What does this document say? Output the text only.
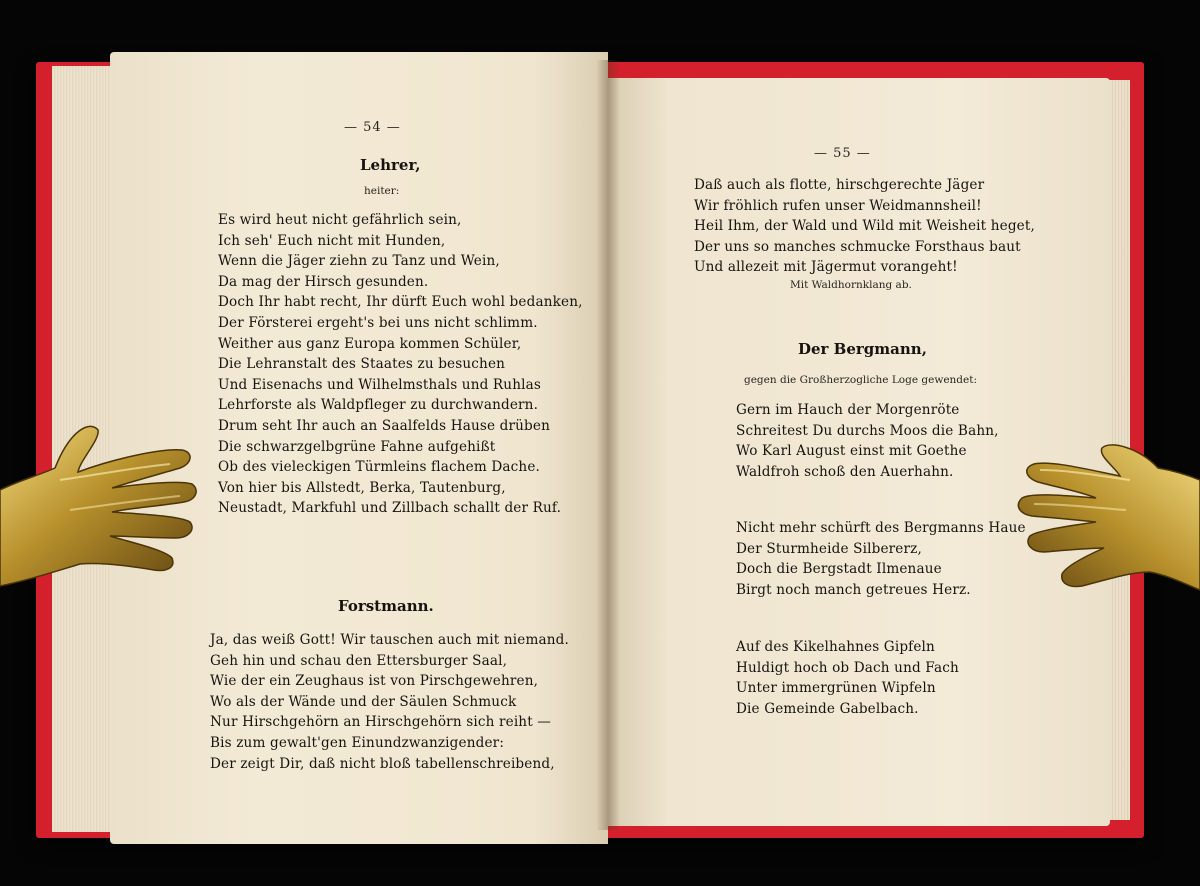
— 54 —
Lehrer,
heiter:
Es wird heut nicht gefährlich sein,
Ich seh' Euch nicht mit Hunden,
Wenn die Jäger ziehn zu Tanz und Wein,
Da mag der Hirsch gesunden.
Doch Ihr habt recht, Ihr dürft Euch wohl bedanken,
Der Försterei ergeht's bei uns nicht schlimm.
Weither aus ganz Europa kommen Schüler,
Die Lehranstalt des Staates zu besuchen
Und Eisenachs und Wilhelmsthals und Ruhlas
Lehrforste als Waldpfleger zu durchwandern.
Drum seht Ihr auch an Saalfelds Hause drüben
Die schwarzgelbgrüne Fahne aufgehißt
Ob des vieleckigen Türmleins flachem Dache.
Von hier bis Allstedt, Berka, Tautenburg,
Neustadt, Markfuhl und Zillbach schallt der Ruf.
Forstmann.
Ja, das weiß Gott! Wir tauschen auch mit niemand.
Geh hin und schau den Ettersburger Saal,
Wie der ein Zeughaus ist von Pirschgewehren,
Wo als der Wände und der Säulen Schmuck
Nur Hirschgehörn an Hirschgehörn sich reiht —
Bis zum gewalt'gen Einundzwanzigender:
Der zeigt Dir, daß nicht bloß tabellenschreibend,
— 55 —
Daß auch als flotte, hirschgerechte Jäger
Wir fröhlich rufen unser Weidmannsheil!
Heil Ihm, der Wald und Wild mit Weisheit heget,
Der uns so manches schmucke Forsthaus baut
Und allezeit mit Jägermut vorangeht!
Mit Waldhornklang ab.
Der Bergmann,
gegen die Großherzogliche Loge gewendet:
Gern im Hauch der Morgenröte
Schreitest Du durchs Moos die Bahn,
Wo Karl August einst mit Goethe
Waldfroh schoß den Auerhahn.
Nicht mehr schürft des Bergmanns Haue
Der Sturmheide Silbererz,
Doch die Bergstadt Ilmenaue
Birgt noch manch getreues Herz.
Auf des Kikelhahnes Gipfeln
Huldigt hoch ob Dach und Fach
Unter immergrünen Wipfeln
Die Gemeinde Gabelbach.
